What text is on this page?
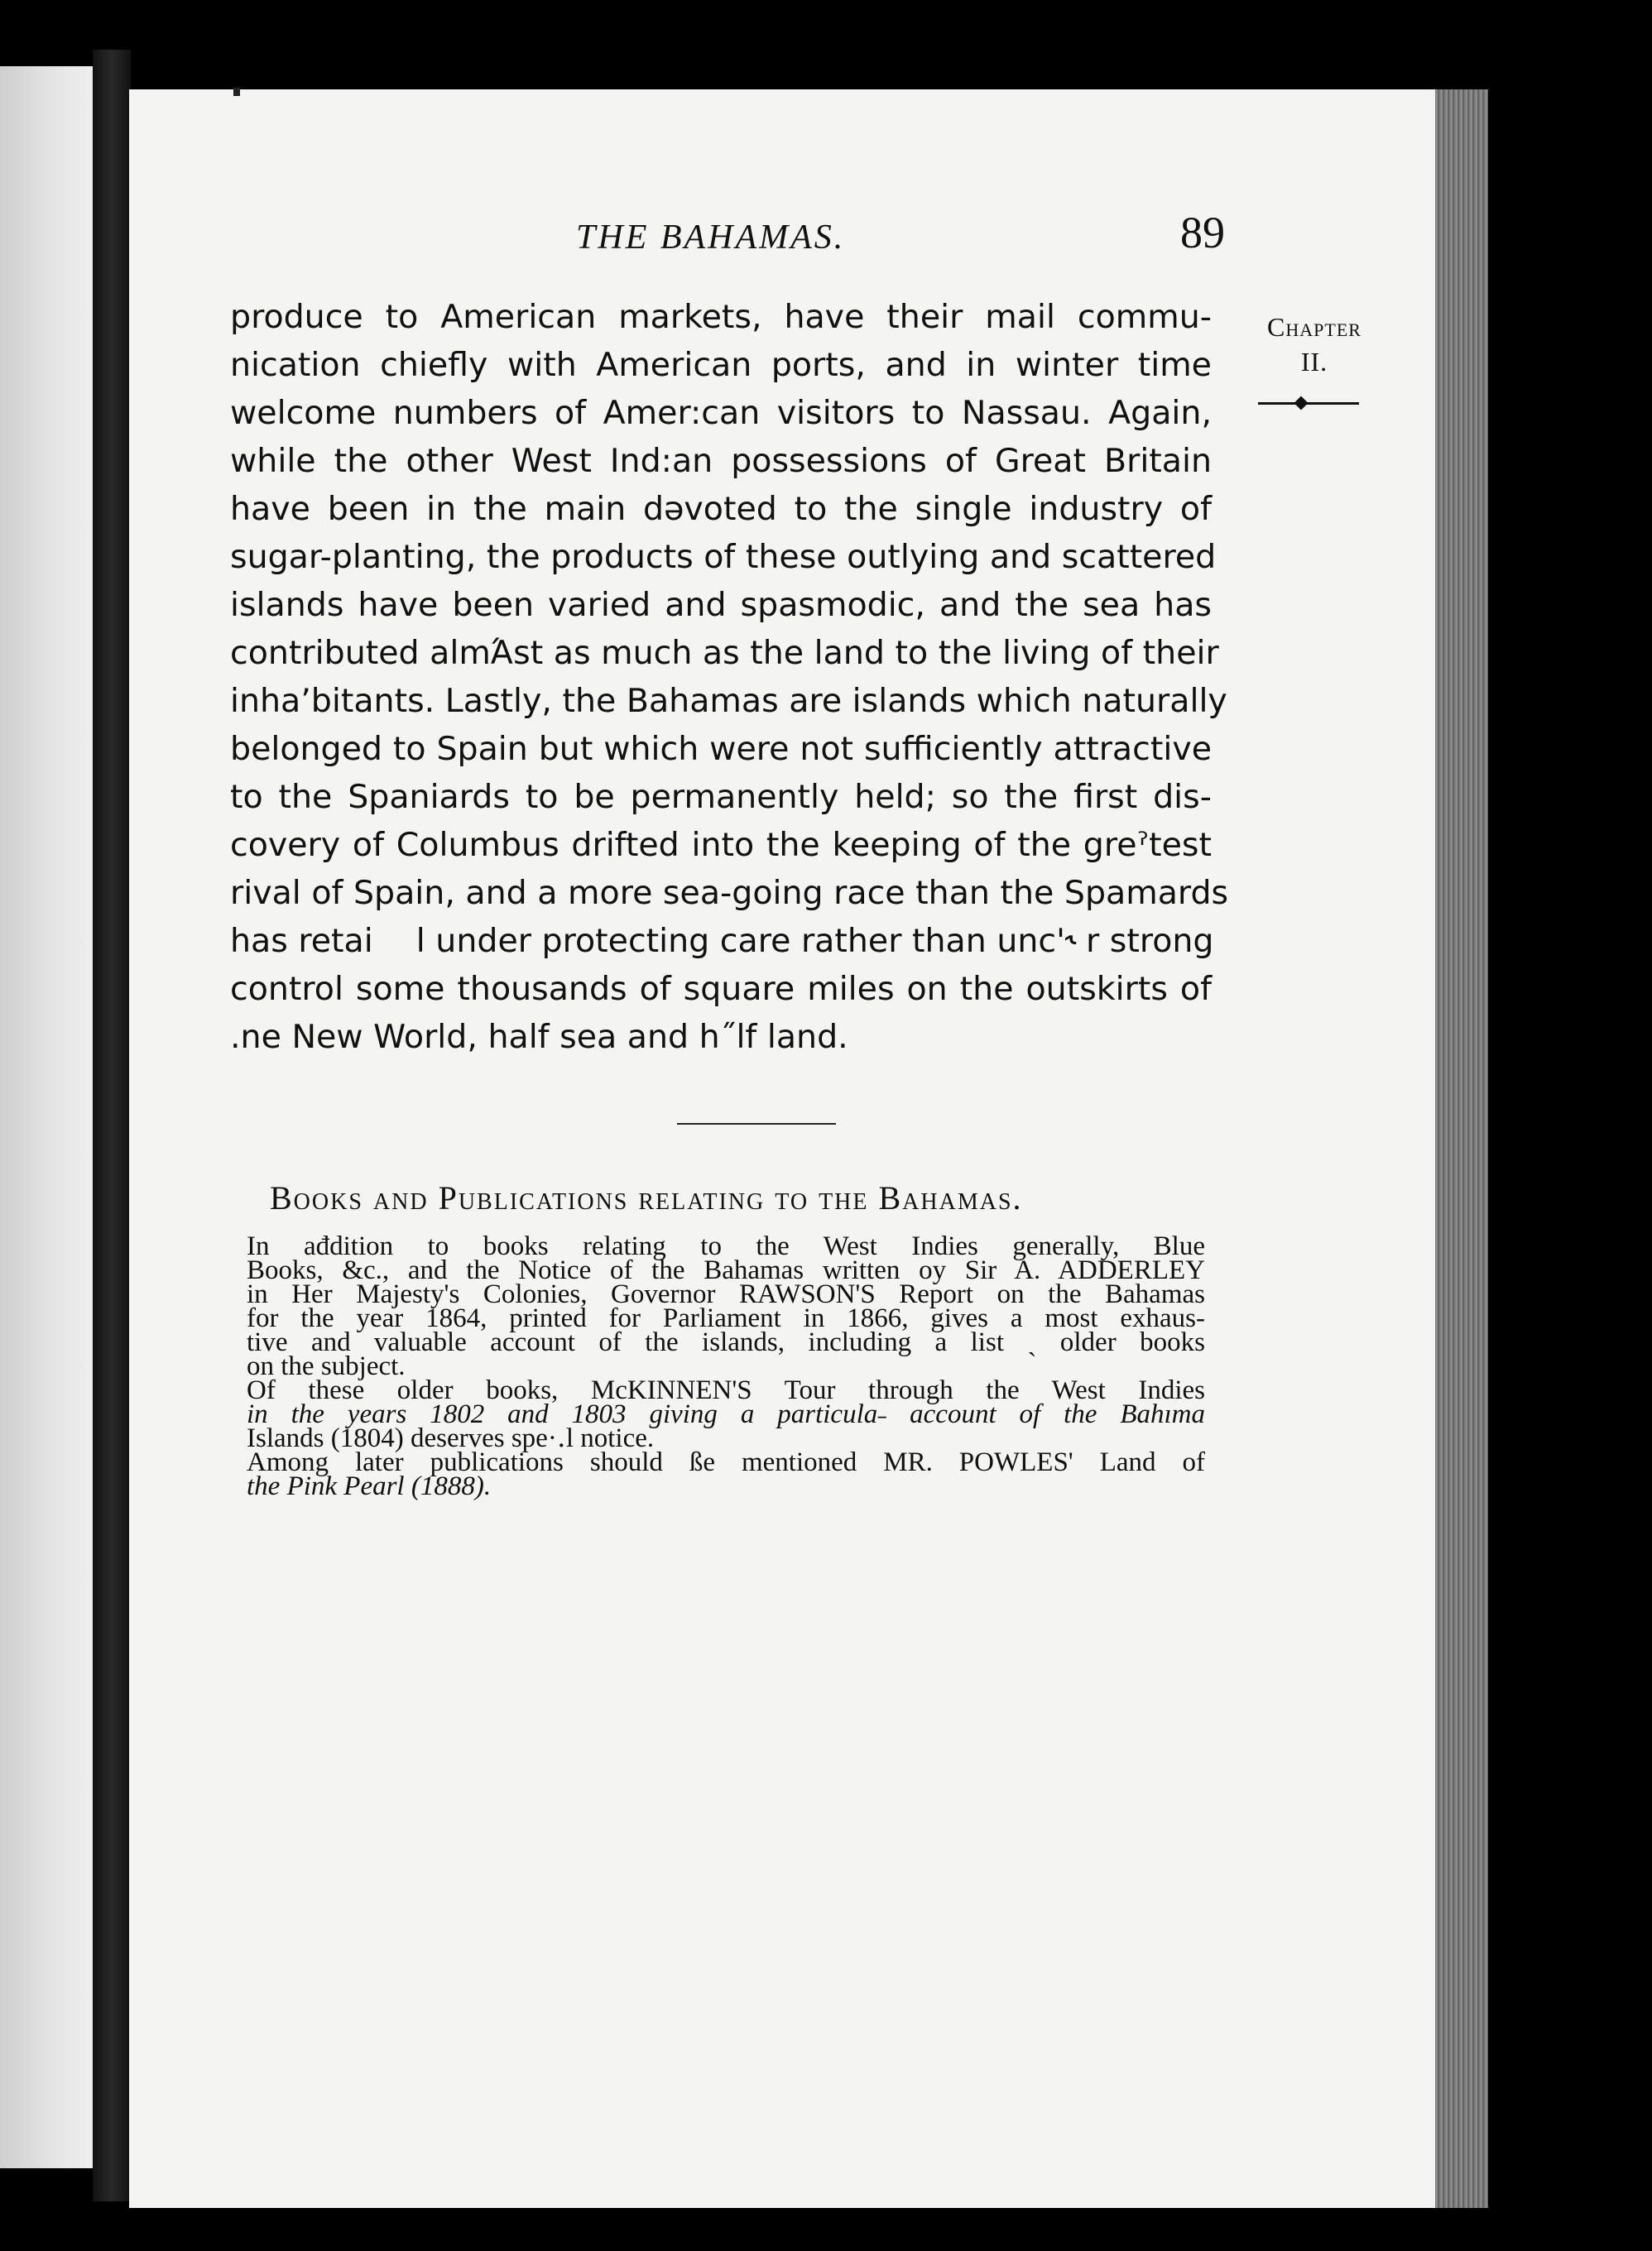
THE BAHAMAS.	89
Chapter
II.
produce to American markets, have their mail commu-
nication chiefly with American ports, and in winter time
welcome numbers of Amer:can visitors to Nassau. Again,
while the other West Ind:an possessions of Great Britain
have been in the main dəvoted to the single industry of
sugar-planting, the products of these outlying and scattered
islands have been varied and spasmodic, and the sea has
contributed almΆst as much as the land to the living of their
inhaʼbitants. Lastly, the Bahamas are islands which naturally
belonged to Spain but which were not sufficiently attractive
to the Spaniards to be permanently held; so the first dis-
covery of Columbus drifted into the keeping of the greˀtest
rival of Spain, and a more sea-going race than the Spamards
has retai  l under protecting care rather than unc'˞ r strong
control some thousands of square miles on the outskirts of
.ne New World, half sea and h˝lf land.
Books and Publications relating to the Bahamas.
In ađdition to books relating to the West Indies generally, Blue
Books, &c., and the Notice of the Bahamas written oy Sir A. ADDERLEY
in Her Majesty's Colonies, Governor RAWSON'S Report on the Bahamas
for the year 1864, printed for Parliament in 1866, gives a most exhaus-
tive and valuable account of the islands, including a list ˏ older books
on the subject.
Of these older books, McKINNEN'S Tour through the West Indies
in the years 1802 and 1803 giving a particula˗ account of the Bahıma
Islands (1804) deserves spe·․l notice.
Among later publications should ße mentioned MR. POWLES' Land of
the Pink Pearl (1888).
